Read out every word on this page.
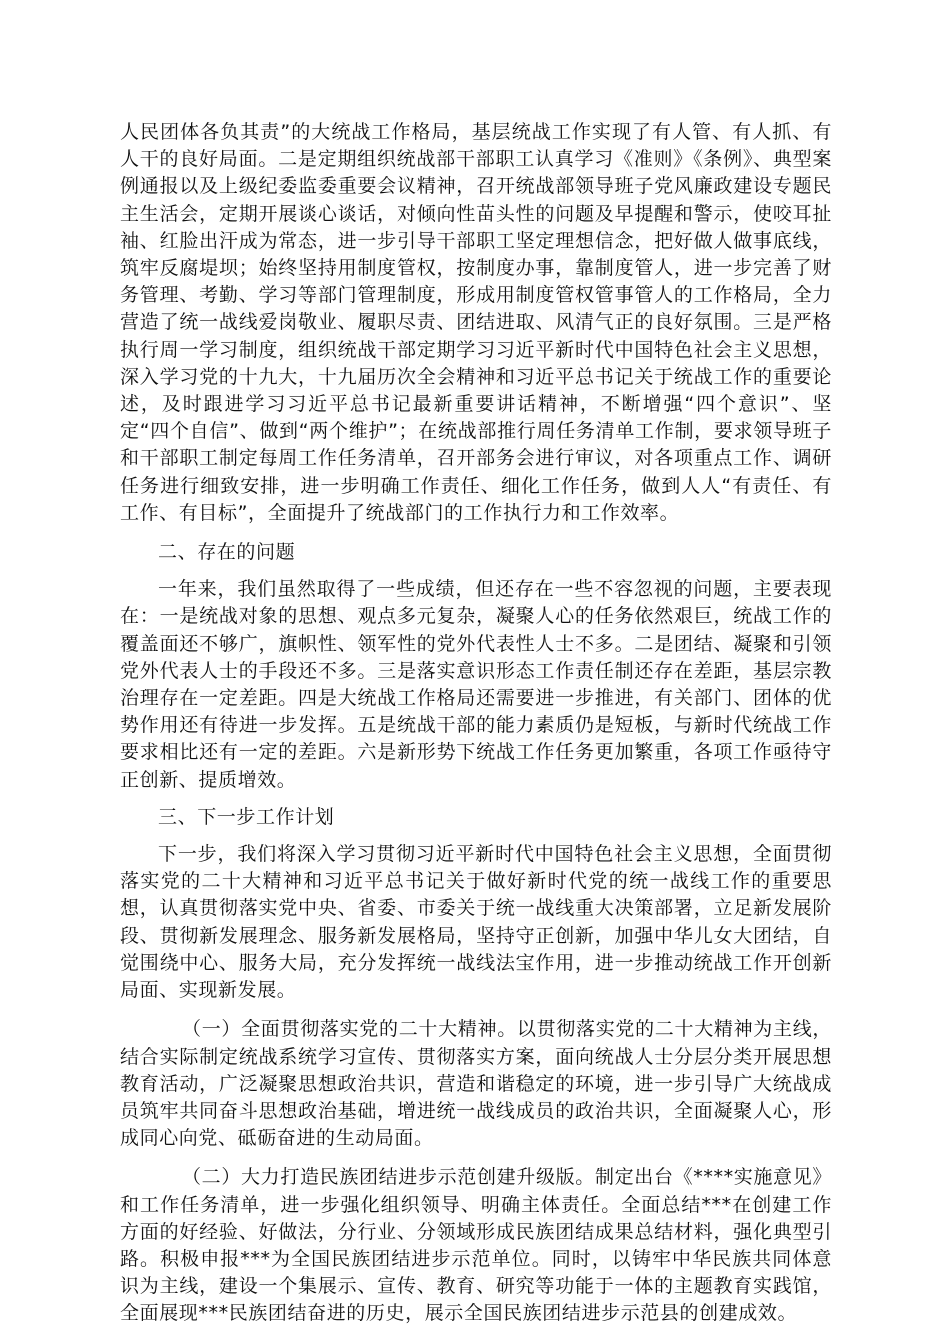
人民团体各负其责”的大统战工作格局，基层统战工作实现了有人管、有人抓、有人干的良好局面。二是定期组织统战部干部职工认真学习《准则》《条例》、典型案例通报以及上级纪委监委重要会议精神，召开统战部领导班子党风廉政建设专题民主生活会，定期开展谈心谈话，对倾向性苗头性的问题及早提醒和警示，使咬耳扯袖、红脸出汗成为常态，进一步引导干部职工坚定理想信念，把好做人做事底线，筑牢反腐堤坝；始终坚持用制度管权，按制度办事，靠制度管人，进一步完善了财务管理、考勤、学习等部门管理制度，形成用制度管权管事管人的工作格局，全力营造了统一战线爱岗敬业、履职尽责、团结进取、风清气正的良好氛围。三是严格执行周一学习制度，组织统战干部定期学习习近平新时代中国特色社会主义思想，深入学习党的十九大，十九届历次全会精神和习近平总书记关于统战工作的重要论述，及时跟进学习习近平总书记最新重要讲话精神，不断增强“四个意识”、坚定“四个自信”、做到“两个维护”；在统战部推行周任务清单工作制，要求领导班子和干部职工制定每周工作任务清单，召开部务会进行审议，对各项重点工作、调研任务进行细致安排，进一步明确工作责任、细化工作任务，做到人人“有责任、有工作、有目标”，全面提升了统战部门的工作执行力和工作效率。

二、存在的问题

一年来，我们虽然取得了一些成绩，但还存在一些不容忽视的问题，主要表现在：一是统战对象的思想、观点多元复杂，凝聚人心的任务依然艰巨，统战工作的覆盖面还不够广，旗帜性、领军性的党外代表性人士不多。二是团结、凝聚和引领党外代表人士的手段还不多。三是落实意识形态工作责任制还存在差距，基层宗教治理存在一定差距。四是大统战工作格局还需要进一步推进，有关部门、团体的优势作用还有待进一步发挥。五是统战干部的能力素质仍是短板，与新时代统战工作要求相比还有一定的差距。六是新形势下统战工作任务更加繁重，各项工作亟待守正创新、提质增效。

三、下一步工作计划

下一步，我们将深入学习贯彻习近平新时代中国特色社会主义思想，全面贯彻落实党的二十大精神和习近平总书记关于做好新时代党的统一战线工作的重要思想，认真贯彻落实党中央、省委、市委关于统一战线重大决策部署，立足新发展阶段、贯彻新发展理念、服务新发展格局，坚持守正创新，加强中华儿女大团结，自觉围绕中心、服务大局，充分发挥统一战线法宝作用，进一步推动统战工作开创新局面、实现新发展。

（一）全面贯彻落实党的二十大精神。以贯彻落实党的二十大精神为主线，结合实际制定统战系统学习宣传、贯彻落实方案，面向统战人士分层分类开展思想教育活动，广泛凝聚思想政治共识，营造和谐稳定的环境，进一步引导广大统战成员筑牢共同奋斗思想政治基础，增进统一战线成员的政治共识，全面凝聚人心，形成同心向党、砥砺奋进的生动局面。

（二）大力打造民族团结进步示范创建升级版。制定出台《****实施意见》和工作任务清单，进一步强化组织领导、明确主体责任。全面总结***在创建工作方面的好经验、好做法，分行业、分领域形成民族团结成果总结材料，强化典型引路。积极申报***为全国民族团结进步示范单位。同时，以铸牢中华民族共同体意识为主线，建设一个集展示、宣传、教育、研究等功能于一体的主题教育实践馆，全面展现***民族团结奋进的历史，展示全国民族团结进步示范县的创建成效。
